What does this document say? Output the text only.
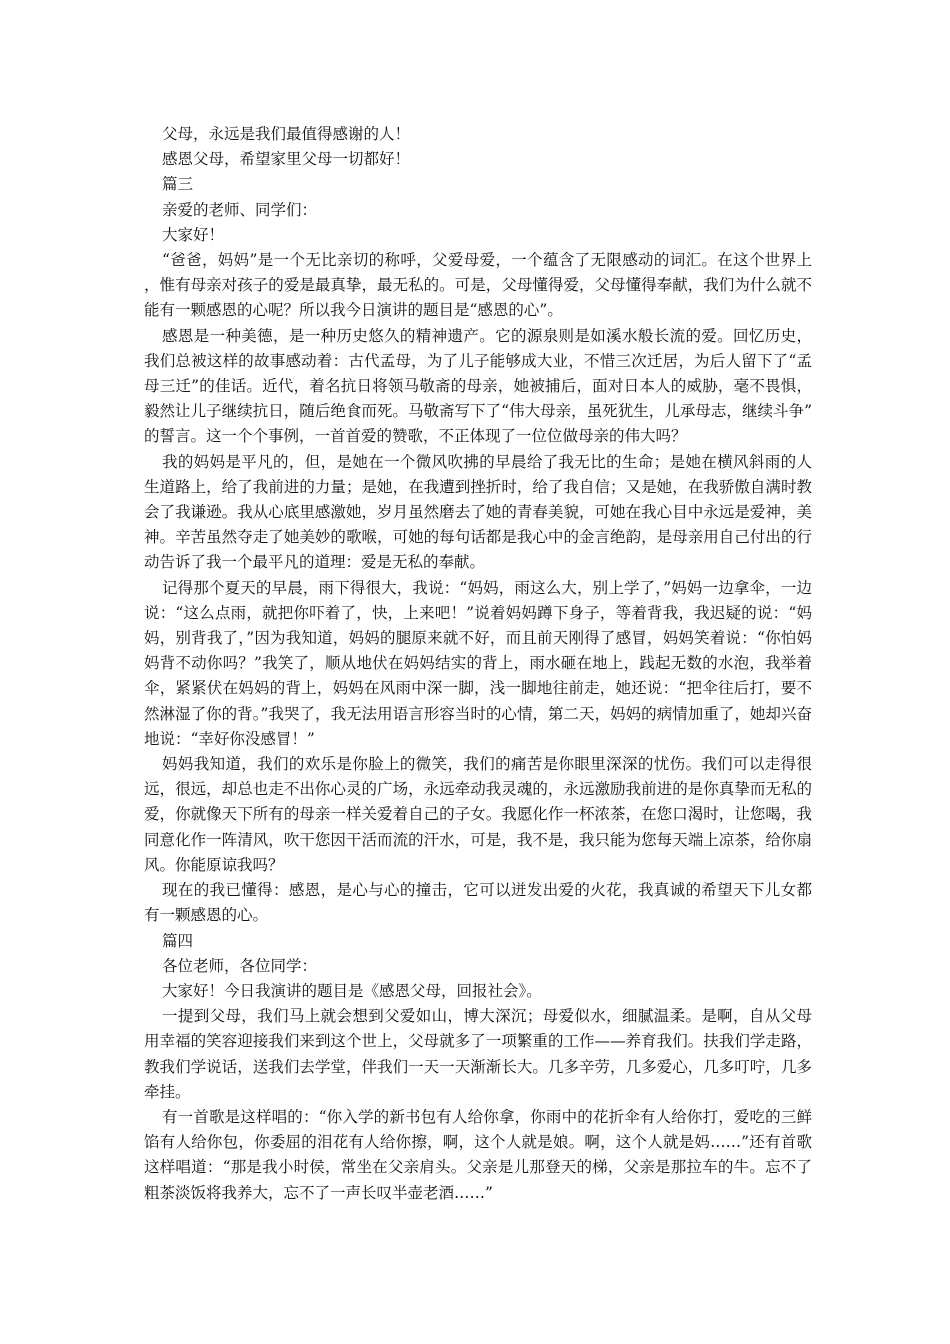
父母，永远是我们最值得感谢的人！

感恩父母，希望家里父母一切都好！

篇三

亲爱的老师、同学们：

大家好！

“爸爸，妈妈”是一个无比亲切的称呼，父爱母爱，一个蕴含了无限感动的词汇。在这个世界上，惟有母亲对孩子的爱是最真挚，最无私的。可是，父母懂得爱，父母懂得奉献，我们为什么就不能有一颗感恩的心呢？所以我今日演讲的题目是“感恩的心”。

感恩是一种美德，是一种历史悠久的精神遗产。它的源泉则是如溪水般长流的爱。回忆历史，我们总被这样的故事感动着：古代孟母，为了儿子能够成大业，不惜三次迁居，为后人留下了“孟母三迁”的佳话。近代，着名抗日将领马敬斋的母亲，她被捕后，面对日本人的威胁，毫不畏惧，毅然让儿子继续抗日，随后绝食而死。马敬斋写下了“伟大母亲，虽死犹生，儿承母志，继续斗争”的誓言。这一个个事例，一首首爱的赞歌，不正体现了一位位做母亲的伟大吗？

我的妈妈是平凡的，但，是她在一个微风吹拂的早晨给了我无比的生命；是她在横风斜雨的人生道路上，给了我前进的力量；是她，在我遭到挫折时，给了我自信；又是她，在我骄傲自满时教会了我谦逊。我从心底里感激她，岁月虽然磨去了她的青春美貌，可她在我心目中永远是爱神，美神。辛苦虽然夺走了她美妙的歌喉，可她的每句话都是我心中的金言绝韵，是母亲用自己付出的行动告诉了我一个最平凡的道理：爱是无私的奉献。

记得那个夏天的早晨，雨下得很大，我说：“妈妈，雨这么大，别上学了，”妈妈一边拿伞，一边说：“这么点雨，就把你吓着了，快，上来吧！”说着妈妈蹲下身子，等着背我，我迟疑的说：“妈妈，别背我了，”因为我知道，妈妈的腿原来就不好，而且前天刚得了感冒，妈妈笑着说：“你怕妈妈背不动你吗？”我笑了，顺从地伏在妈妈结实的背上，雨水砸在地上，践起无数的水泡，我举着伞，紧紧伏在妈妈的背上，妈妈在风雨中深一脚，浅一脚地往前走，她还说：“把伞往后打，要不然淋湿了你的背。”我哭了，我无法用语言形容当时的心情，第二天，妈妈的病情加重了，她却兴奋地说：“幸好你没感冒！”

妈妈我知道，我们的欢乐是你脸上的微笑，我们的痛苦是你眼里深深的忧伤。我们可以走得很远，很远，却总也走不出你心灵的广场，永远牵动我灵魂的，永远激励我前进的是你真挚而无私的爱，你就像天下所有的母亲一样关爱着自己的子女。我愿化作一杯浓茶，在您口渴时，让您喝，我同意化作一阵清风，吹干您因干活而流的汗水，可是，我不是，我只能为您每天端上凉茶，给你扇风。你能原谅我吗？

现在的我已懂得：感恩，是心与心的撞击，它可以迸发出爱的火花，我真诚的希望天下儿女都有一颗感恩的心。

篇四

各位老师，各位同学：

大家好！今日我演讲的题目是《感恩父母，回报社会》。

一提到父母，我们马上就会想到父爱如山，博大深沉；母爱似水，细腻温柔。是啊，自从父母用幸福的笑容迎接我们来到这个世上，父母就多了一项繁重的工作——养育我们。扶我们学走路，教我们学说话，送我们去学堂，伴我们一天一天渐渐长大。几多辛劳，几多爱心，几多叮咛，几多牵挂。

有一首歌是这样唱的：“你入学的新书包有人给你拿，你雨中的花折伞有人给你打，爱吃的三鲜馅有人给你包，你委屈的泪花有人给你擦，啊，这个人就是娘。啊，这个人就是妈……”还有首歌这样唱道：“那是我小时侯，常坐在父亲肩头。父亲是儿那登天的梯，父亲是那拉车的牛。忘不了粗茶淡饭将我养大，忘不了一声长叹半壶老酒……”
